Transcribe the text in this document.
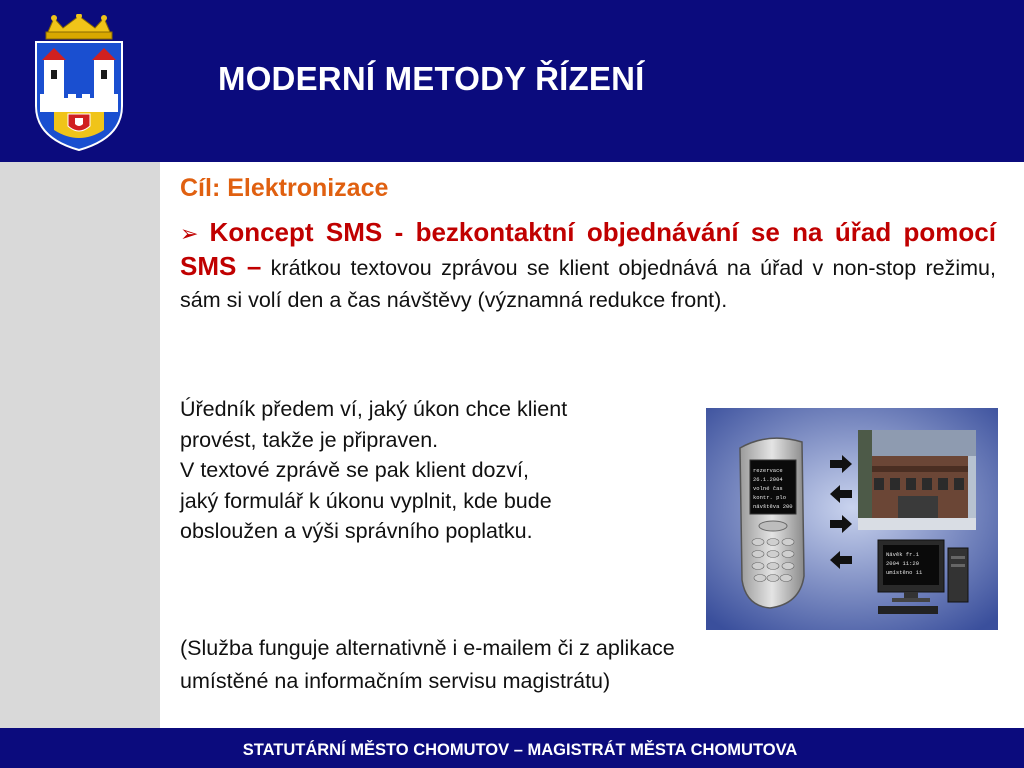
MODERNÍ METODY ŘÍZENÍ
Cíl: Elektronizace
➢ Koncept SMS - bezkontaktní objednávání se na úřad pomocí SMS – krátkou textovou zprávou se klient objednává na úřad v non-stop režimu, sám si volí den a čas návštěvy (významná redukce front).
Úředník předem ví, jaký úkon chce klient
provést, takže je připraven.
V textové zprávě se pak klient dozví,
jaký formulář k úkonu vyplnit, kde bude
obsloužen a výši správního poplatku.
(Služba funguje alternativně i e-mailem či z aplikace
umístěné na informačním servisu magistrátu)
rezervace
26.1.2004
volné čas
kontr. plo
návštěva 200
Návěk fr.1
2004 11:20
umístěno 11
STATUTÁRNÍ MĚSTO CHOMUTOV – MAGISTRÁT MĚSTA CHOMUTOVA
